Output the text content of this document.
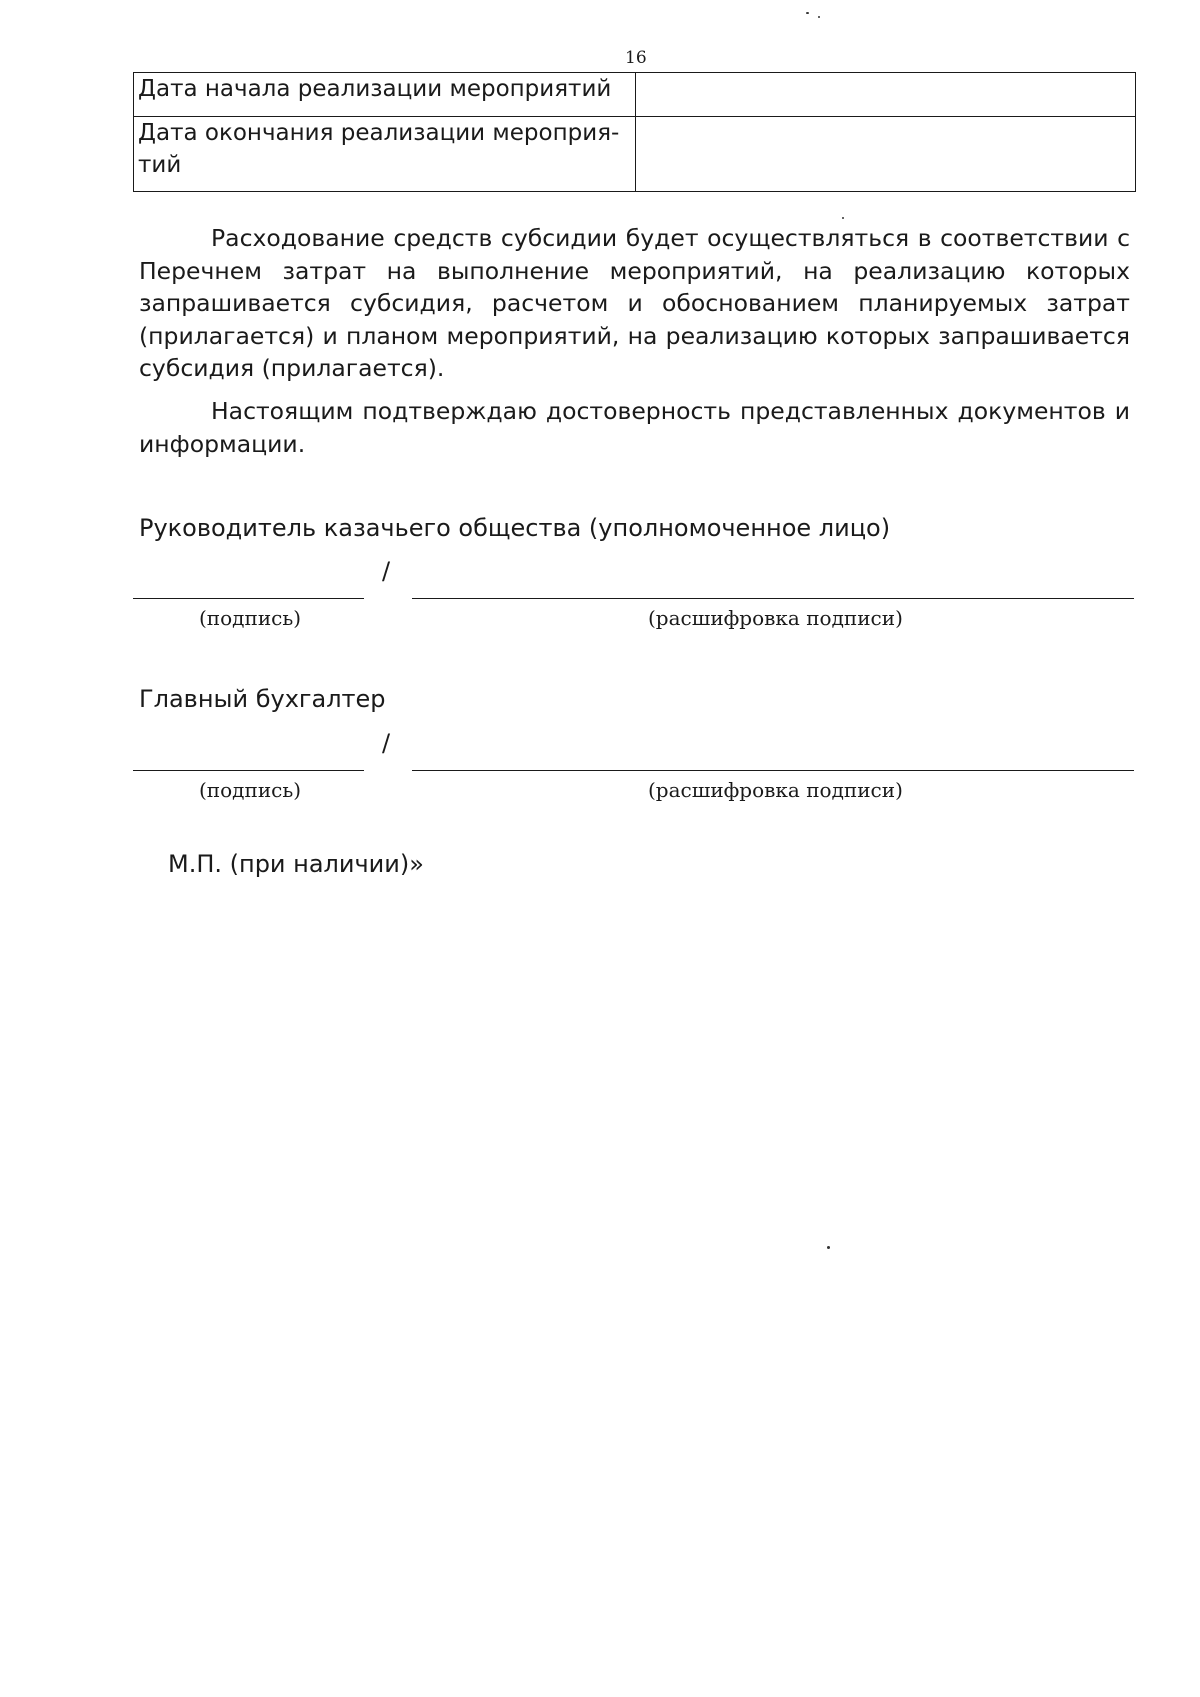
16
Дата начала реализации мероприятий	
Дата окончания реализации мероприя-
тий	

Расходование средств субсидии будет осуществляться в соответствии с Перечнем затрат на выполнение мероприятий, на реализацию которых запрашивается субсидия, расчетом и обоснованием планируемых затрат (прилагается) и планом мероприятий, на реализацию которых запрашивается субсидия (прилагается).

Настоящим подтверждаю достоверность представленных документов и информации.

Руководитель казачьего общества (уполномоченное лицо)

/
(подпись)	(расшифровка подписи)

Главный бухгалтер

/
(подпись)	(расшифровка подписи)
М.П. (при наличии)»
